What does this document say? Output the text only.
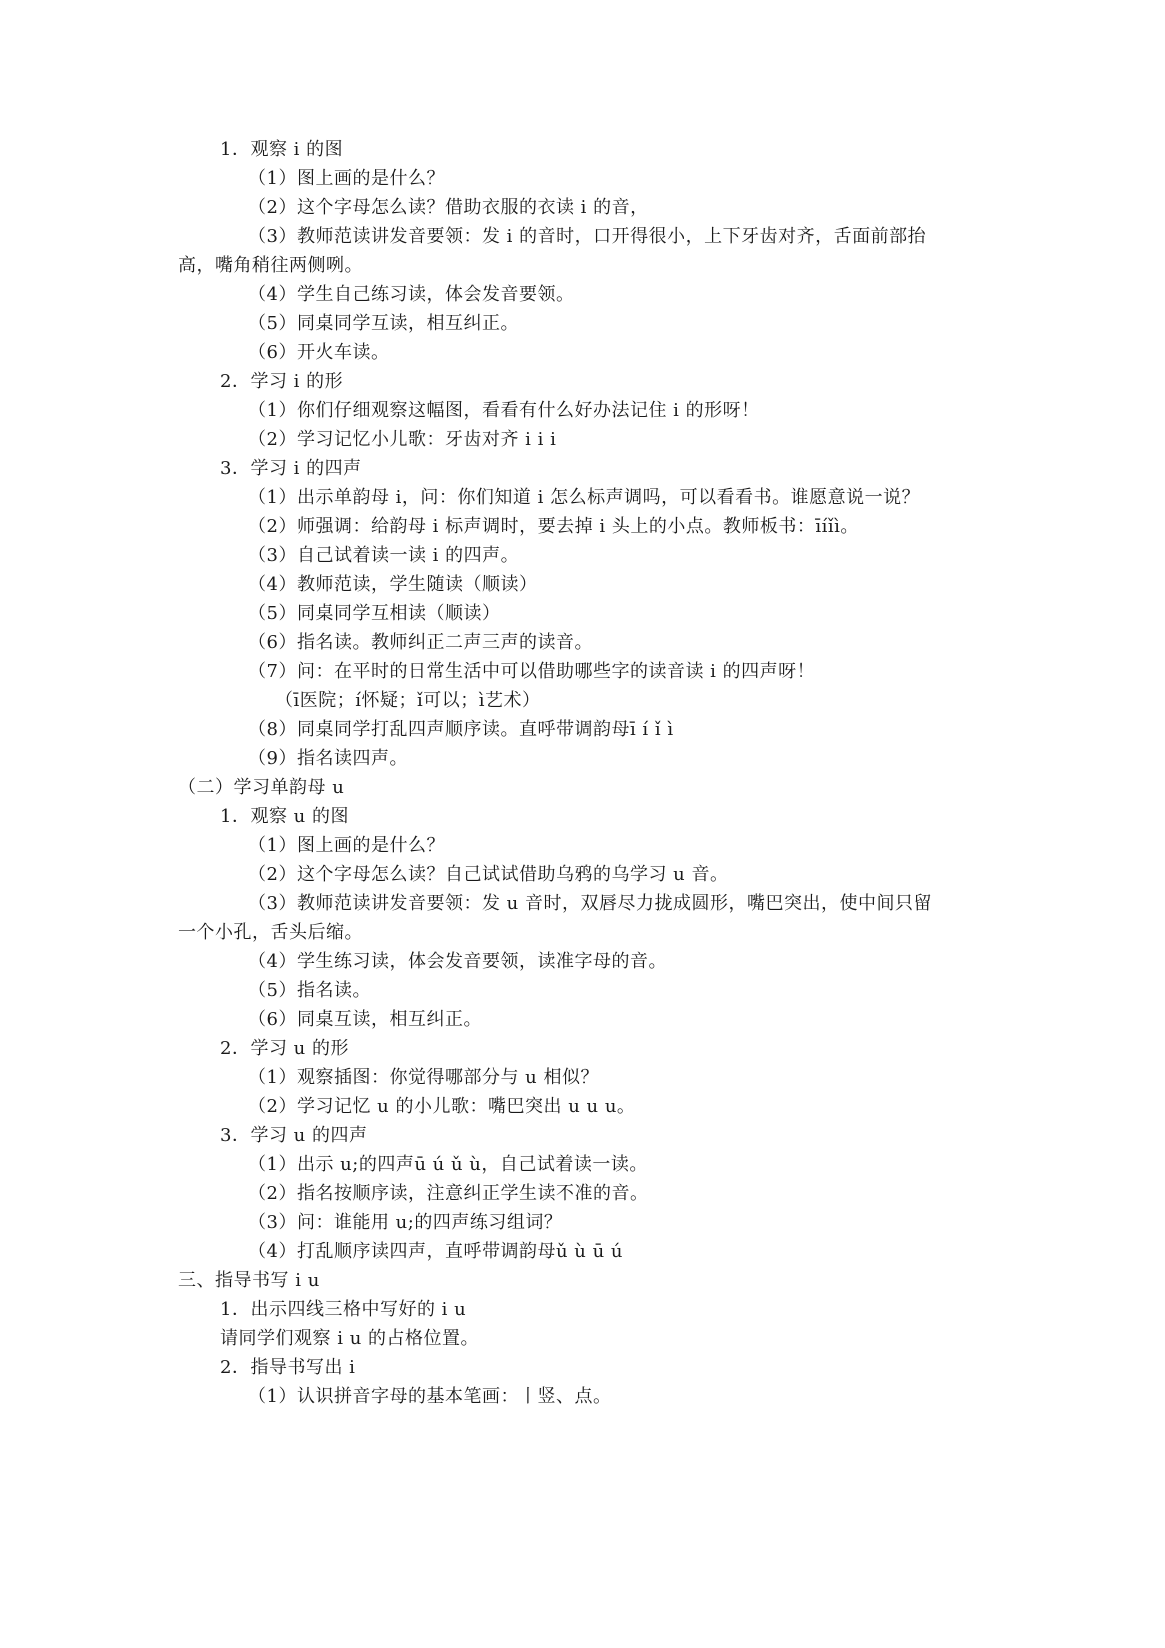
1．观察 i 的图
（1）图上画的是什么？
（2）这个字母怎么读？借助衣服的衣读 i 的音，
（3）教师范读讲发音要领：发 i 的音时，口开得很小，上下牙齿对齐，舌面前部抬
高，嘴角稍往两侧咧。
（4）学生自己练习读，体会发音要领。
（5）同桌同学互读，相互纠正。
（6）开火车读。
2．学习 i 的形
（1）你们仔细观察这幅图，看看有什么好办法记住 i 的形呀！
（2）学习记忆小儿歌：牙齿对齐 i i i
3．学习 i 的四声
（1）出示单韵母 i，问：你们知道 i 怎么标声调吗，可以看看书。谁愿意说一说？
（2）师强调：给韵母 i 标声调时，要去掉 i 头上的小点。教师板书：īíǐì。
（3）自己试着读一读 i 的四声。
（4）教师范读，学生随读（顺读）
（5）同桌同学互相读（顺读）
（6）指名读。教师纠正二声三声的读音。
（7）问：在平时的日常生活中可以借助哪些字的读音读 i 的四声呀！
（ī医院；í怀疑；ǐ可以；ì艺术）
（8）同桌同学打乱四声顺序读。直呼带调韵母ī í ǐ ì
（9）指名读四声。
（二）学习单韵母 u
1．观察 u 的图
（1）图上画的是什么？
（2）这个字母怎么读？自己试试借助乌鸦的乌学习 u 音。
（3）教师范读讲发音要领：发 u 音时，双唇尽力拢成圆形，嘴巴突出，使中间只留
一个小孔，舌头后缩。
（4）学生练习读，体会发音要领，读准字母的音。
（5）指名读。
（6）同桌互读，相互纠正。
2．学习 u 的形
（1）观察插图：你觉得哪部分与 u 相似？
（2）学习记忆 u 的小儿歌：嘴巴突出 u u u。
3．学习 u 的四声
（1）出示 u;的四声ū ú ǔ ù，自己试着读一读。
（2）指名按顺序读，注意纠正学生读不准的音。
（3）问：谁能用 u;的四声练习组词？
（4）打乱顺序读四声，直呼带调韵母ǔ ù ū ú
三、指导书写 i u
1．出示四线三格中写好的 i u
请同学们观察 i u 的占格位置。
2．指导书写出 i
（1）认识拼音字母的基本笔画：丨竖、点。
